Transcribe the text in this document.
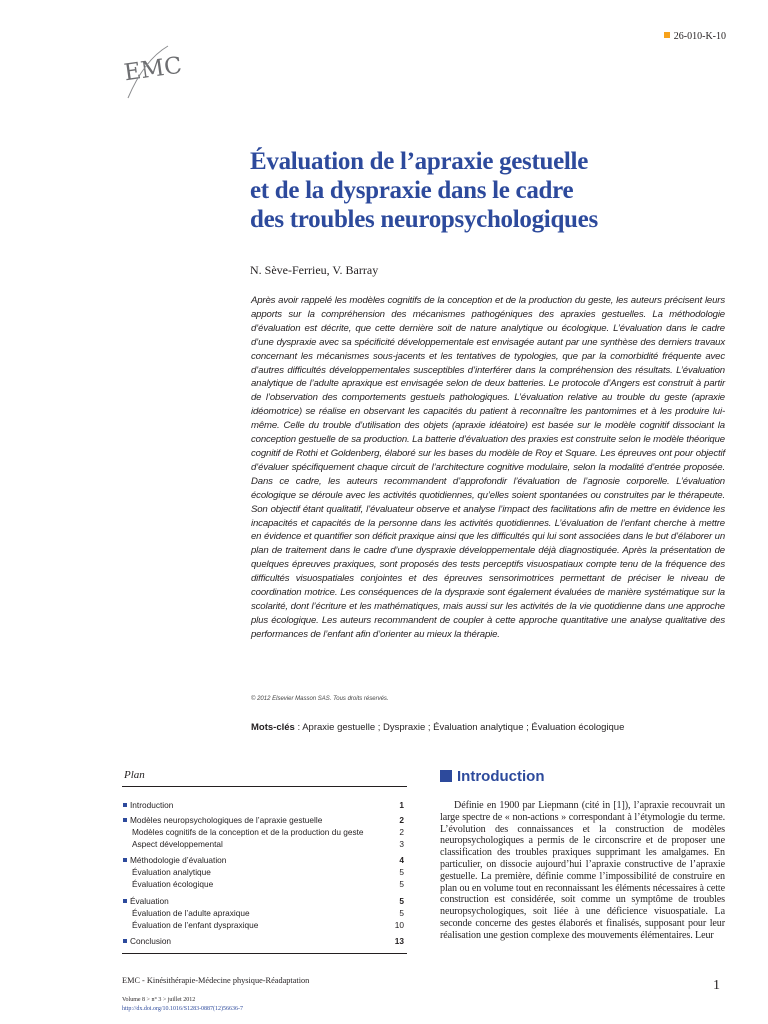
EMC
26-010-K-10
Évaluation de l’apraxie gestuelle
et de la dyspraxie dans le cadre
des troubles neuropsychologiques
N. Sève-Ferrieu, V. Barray
Après avoir rappelé les modèles cognitifs de la conception et de la production du geste, les auteurs précisent leurs apports sur la compréhension des mécanismes pathogéniques des apraxies gestuelles. La méthodologie d’évaluation est décrite, que cette dernière soit de nature analytique ou écologique. L’évaluation dans le cadre d’une dyspraxie avec sa spécificité développementale est envisagée autant par une synthèse des derniers travaux concernant les mécanismes sous-jacents et les tentatives de typologies, que par la comorbidité fréquente avec d’autres difficultés développementales susceptibles d’interférer dans la compréhension des résultats. L’évaluation analytique de l’adulte apraxique est envisagée selon de deux batteries. Le protocole d’Angers est construit à partir de l’observation des comportements gestuels pathologiques. L’évaluation relative au trouble du geste (apraxie idéomotrice) se réalise en observant les capacités du patient à reconnaître les pantomimes et à les produire lui-même. Celle du trouble d’utilisation des objets (apraxie idéatoire) est basée sur le modèle cognitif dissociant la conception gestuelle de sa production. La batterie d’évaluation des praxies est construite selon le modèle théorique cognitif de Rothi et Goldenberg, élaboré sur les bases du modèle de Roy et Square. Les épreuves ont pour objectif d’évaluer spécifiquement chaque circuit de l’architecture cognitive modulaire, selon la modalité d’entrée proposée. Dans ce cadre, les auteurs recommandent d’approfondir l’évaluation de l’agnosie corporelle. L’évaluation écologique se déroule avec les activités quotidiennes, qu’elles soient spontanées ou construites par le thérapeute. Son objectif étant qualitatif, l’évaluateur observe et analyse l’impact des facilitations afin de mettre en évidence les incapacités et capacités de la personne dans les activités quotidiennes. L’évaluation de l’enfant cherche à mettre en évidence et quantifier son déficit praxique ainsi que les difficultés qui lui sont associées dans le but d’élaborer un plan de traitement dans le cadre d’une dyspraxie développementale déjà diagnostiquée. Après la présentation de quelques épreuves praxiques, sont proposés des tests perceptifs visuospatiaux compte tenu de la fréquence des difficultés visuospatiales conjointes et des épreuves sensorimotrices permettant de préciser le niveau de coordination motrice. Les conséquences de la dyspraxie sont également évaluées de manière systématique sur la scolarité, dont l’écriture et les mathématiques, mais aussi sur les activités de la vie quotidienne dans une approche plus écologique. Les auteurs recommandent de coupler à cette approche quantitative une analyse qualitative des performances de l’enfant afin d’orienter au mieux la thérapie.
© 2012 Elsevier Masson SAS. Tous droits réservés.
Mots-clés : Apraxie gestuelle ; Dyspraxie ; Évaluation analytique ; Évaluation écologique
Plan
Introduction	1
Modèles neuropsychologiques de l’apraxie gestuelle	2
Modèles cognitifs de la conception et de la production du geste	2
Aspect développemental	3
Méthodologie d’évaluation	4
Évaluation analytique	5
Évaluation écologique	5
Évaluation	5
Évaluation de l’adulte apraxique	5
Évaluation de l’enfant dyspraxique	10
Conclusion	13
Introduction
Définie en 1900 par Liepmann (cité in [1]), l’apraxie recouvrait un large spectre de « non-actions » correspondant à l’étymologie du terme. L’évolution des connaissances et la construction de modèles neuropsychologiques a permis de le circonscrire et de proposer une classification des troubles praxiques supprimant les amalgames. En particulier, on dissocie aujourd’hui l’apraxie constructive de l’apraxie gestuelle. La première, définie comme l’impossibilité de construire en plan ou en volume tout en reconnaissant les éléments nécessaires à cette construction est considérée, soit comme un symptôme de troubles neuropsychologiques, soit liée à une déficience visuospatiale. La seconde concerne des gestes élaborés et finalisés, supposant pour leur réalisation une gestion complexe des mouvements élémentaires. Leur
EMC - Kinésithérapie-Médecine physique-Réadaptation
Volume 8 > n° 3 > juillet 2012
http://dx.doi.org/10.1016/S1283-0887(12)56636-7
1
